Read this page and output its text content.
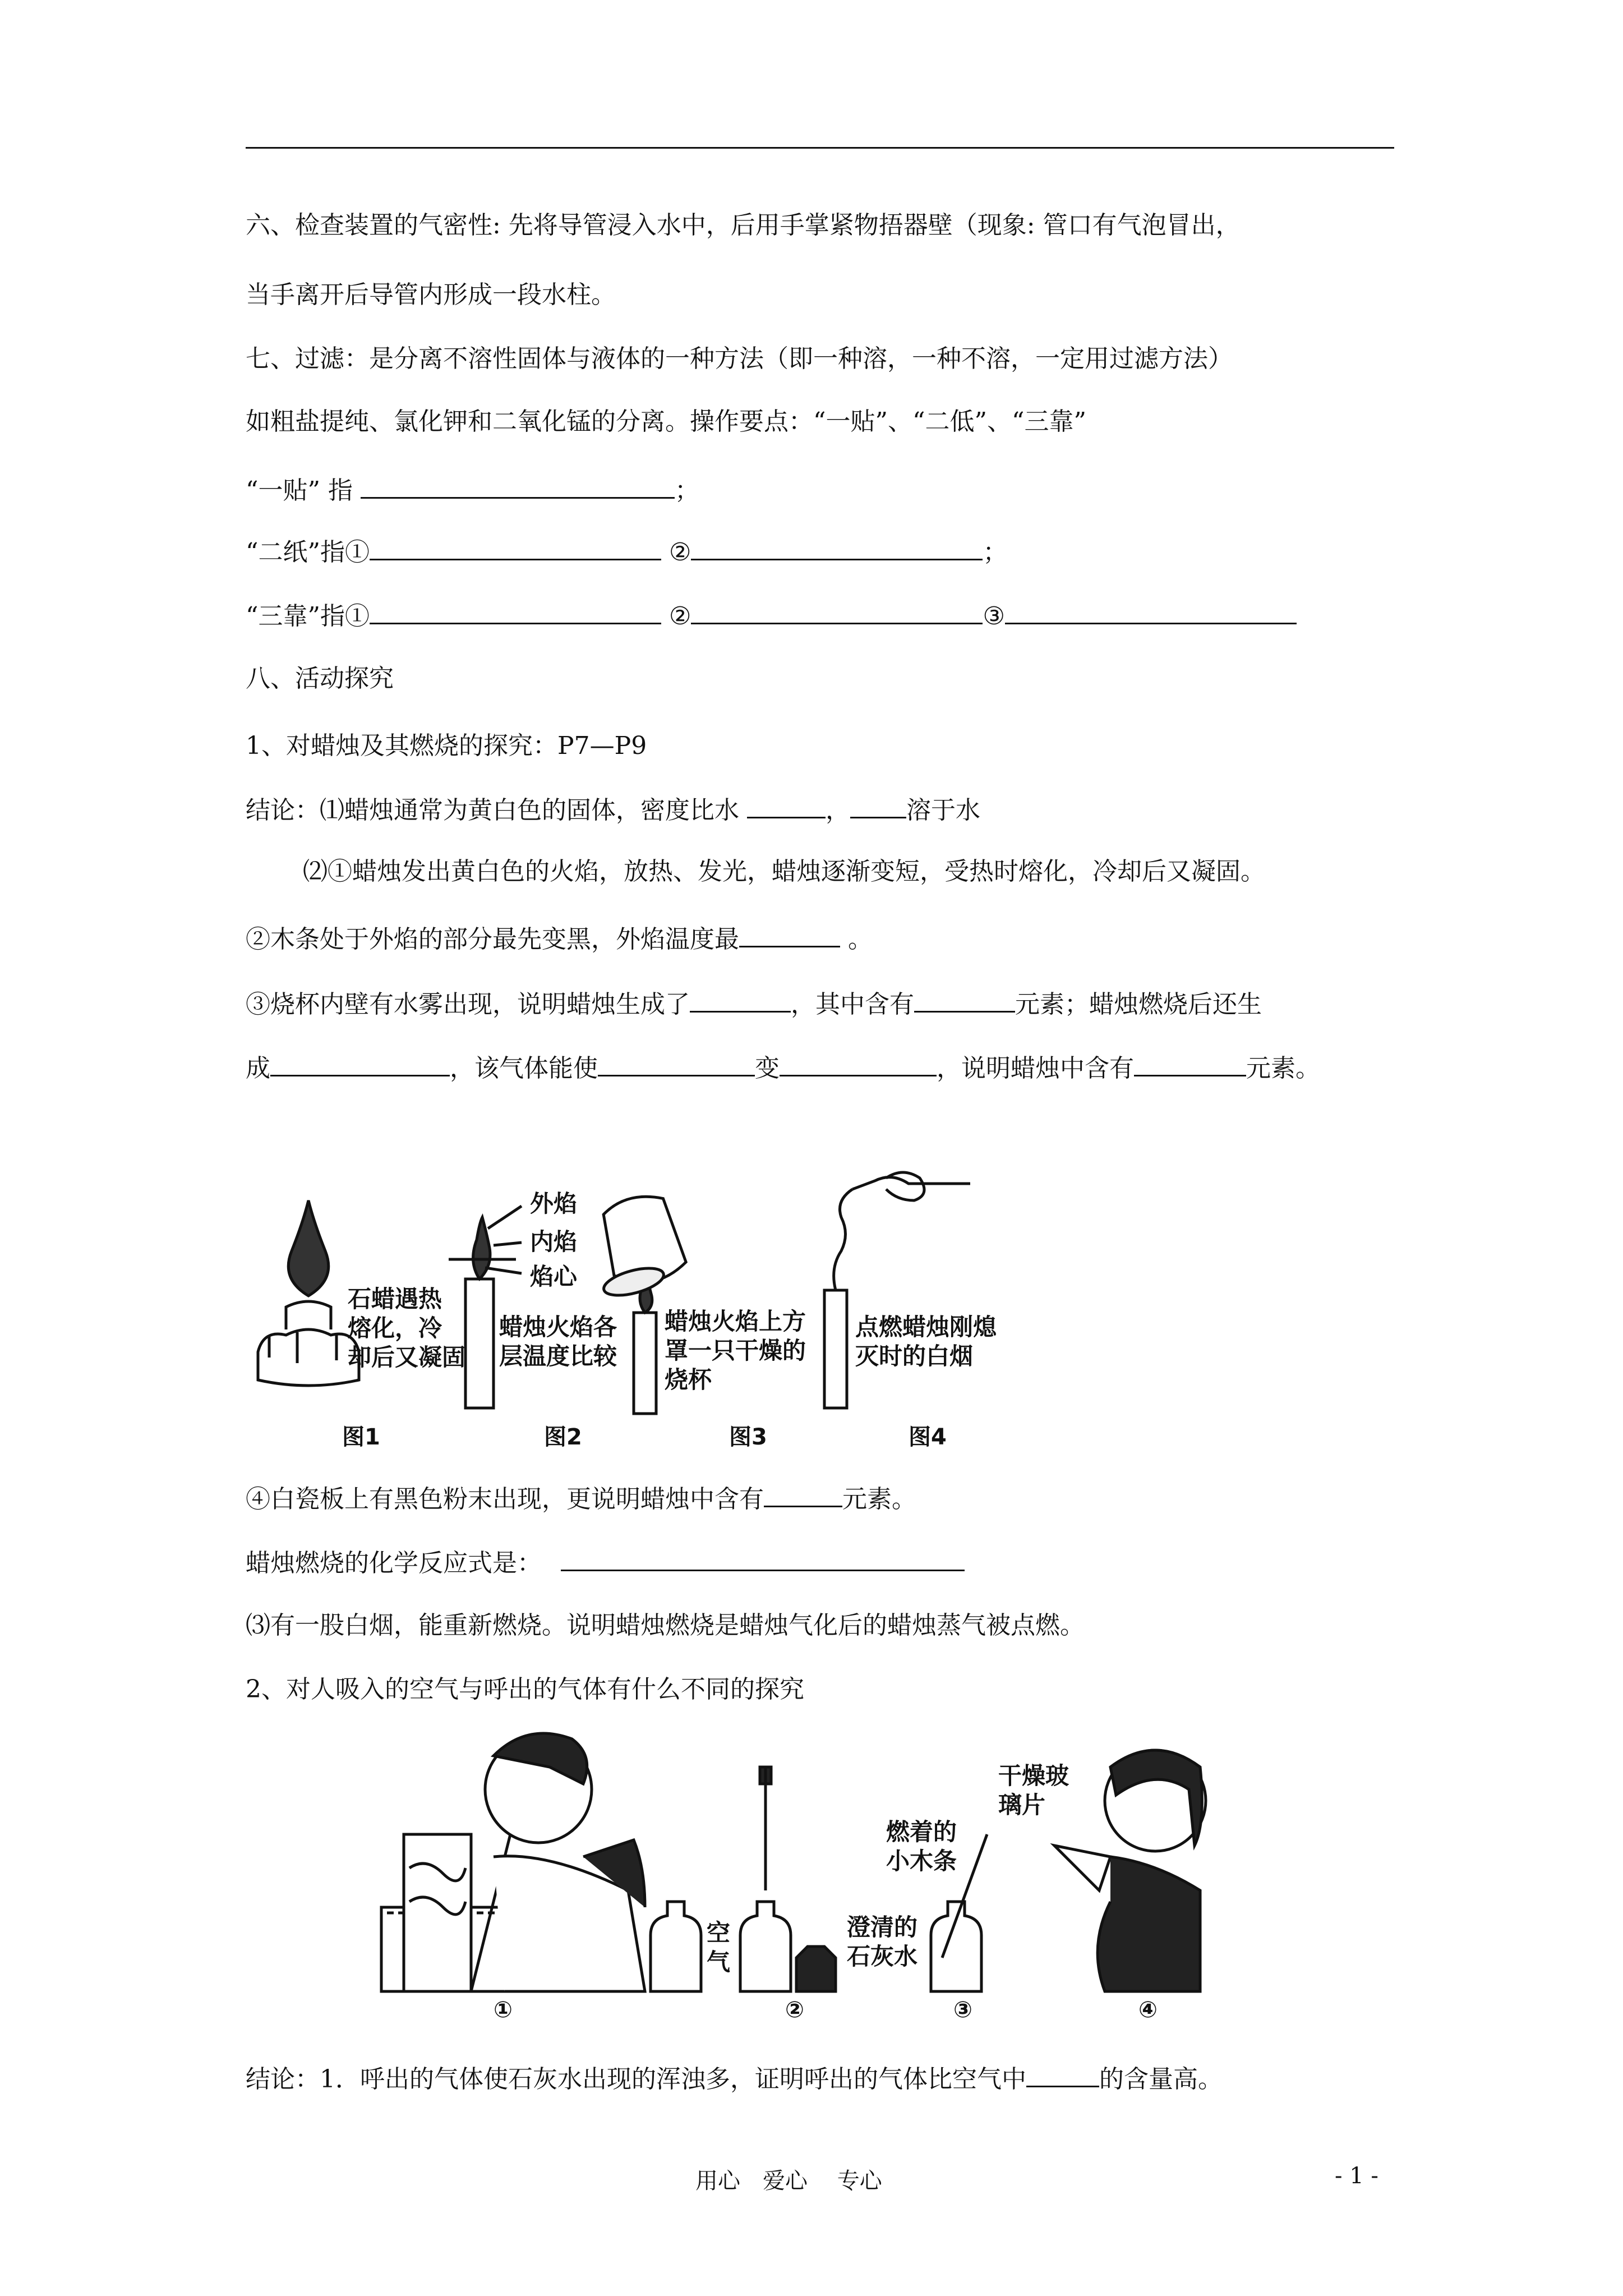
六、检查装置的气密性: 先将导管浸入水中，后用手掌紧物捂器壁（现象: 管口有气泡冒出，
当手离开后导管内形成一段水柱。
七、过滤：是分离不溶性固体与液体的一种方法（即一种溶，一种不溶，一定用过滤方法）
如粗盐提纯、氯化钾和二氧化锰的分离。操作要点：“一贴”、“二低”、“三靠”
“一贴” 指	；
“二纸”指①	②	；
“三靠”指①	②	③
八、活动探究
1、对蜡烛及其燃烧的探究：P7—P9
结论：⑴蜡烛通常为黄白色的固体，密度比水	， 溶于水
⑵①蜡烛发出黄白色的火焰，放热、发光，蜡烛逐渐变短，受热时熔化，冷却后又凝固。
②木条处于外焰的部分最先变黑，外焰温度最	。
③烧杯内壁有水雾出现，说明蜡烛生成了	，其中含有	元素；蜡烛燃烧后还生
成	，该气体能使	变	，说明蜡烛中含有	元素。
石蜡遇热
熔化，冷
却后又凝固
外焰
内焰
焰心
蜡烛火焰各
层温度比较
蜡烛火焰上方
罩一只干燥的
烧杯
点燃蜡烛刚熄
灭时的白烟
图1	图2	图3	图4
④白瓷板上有黑色粉末出现，更说明蜡烛中含有	元素。
蜡烛燃烧的化学反应式是：
⑶有一股白烟，能重新燃烧。说明蜡烛燃烧是蜡烛气化后的蜡烛蒸气被点燃。
2、对人吸入的空气与呼出的气体有什么不同的探究
空
气
澄清的
石灰水
燃着的
小木条
干燥玻
璃片
①	②	③	④
结论：1．呼出的气体使石灰水出现的浑浊多，证明呼出的气体比空气中	的含量高。
用心　爱心　 专心	- 1 -
